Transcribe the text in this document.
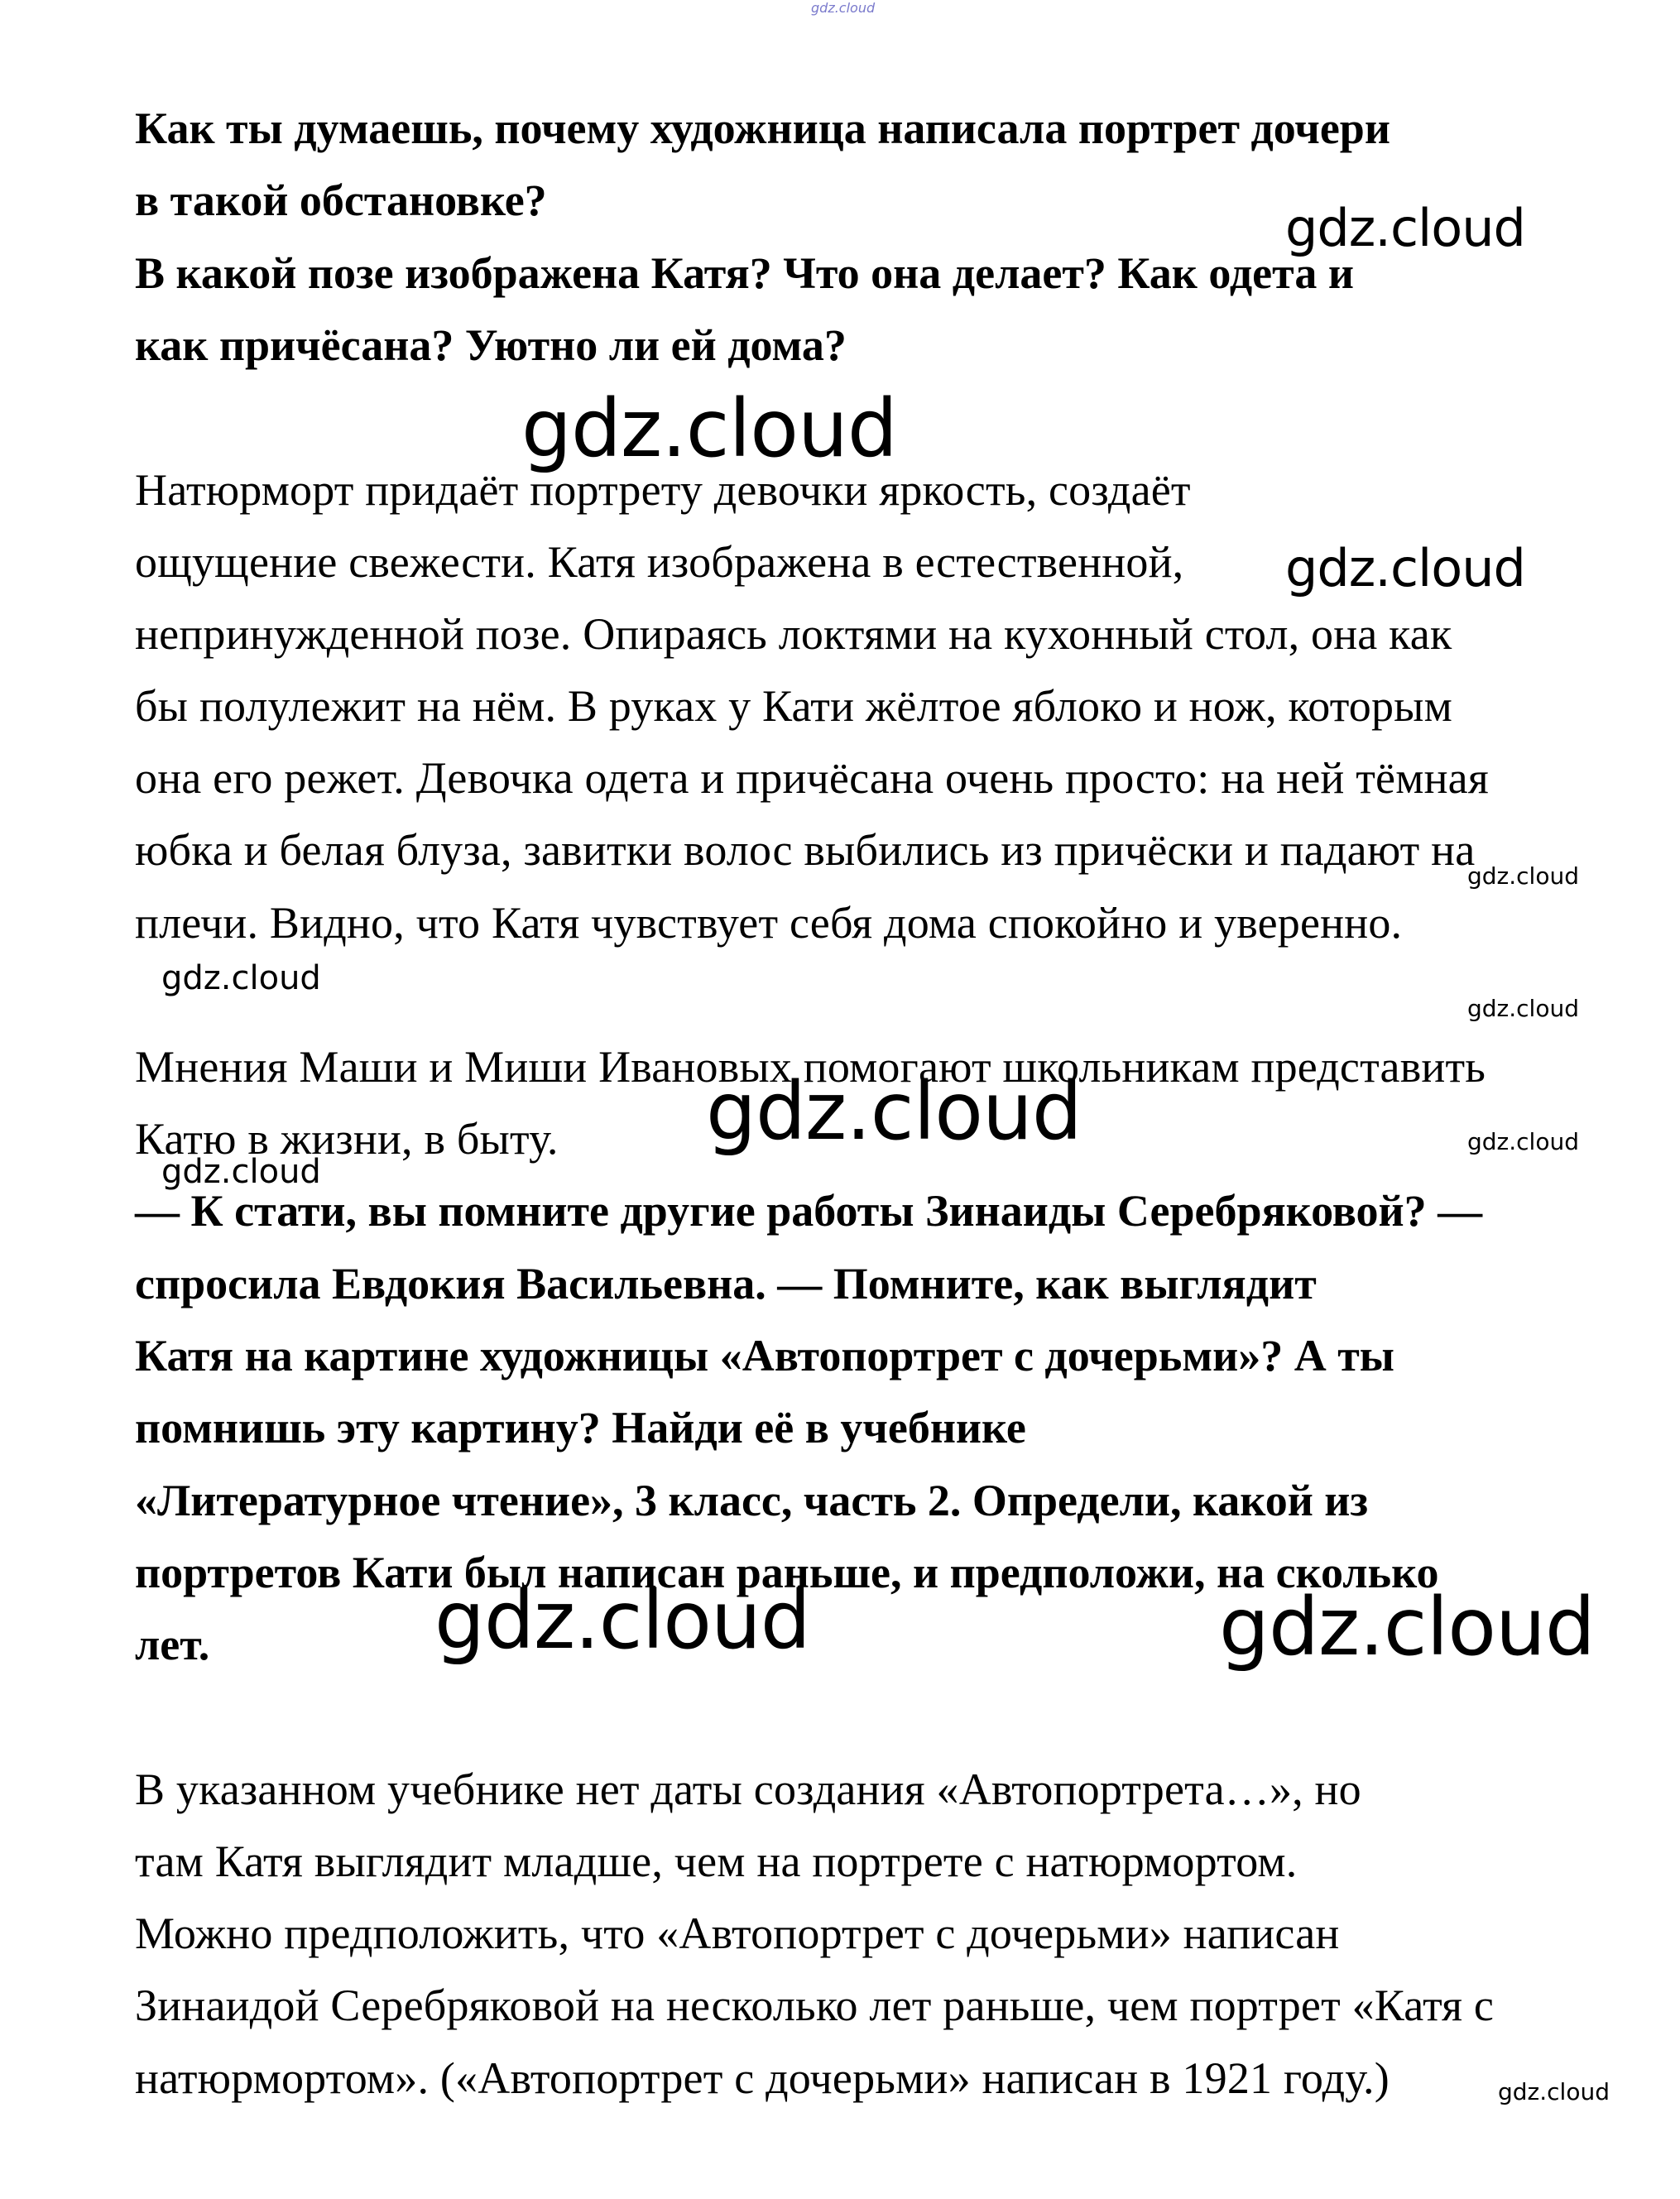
gdz.cloud

Как ты думаешь, почему художница написала портрет дочери

в такой обстановке?

В какой позе изображена Катя? Что она делает? Как одета и

как причёсана? Уютно ли ей дома?

Натюрморт придаёт портрету девочки яркость, создаёт

ощущение свежести. Катя изображена в естественной,

непринужденной позе. Опираясь локтями на кухонный стол, она как

бы полулежит на нём. В руках у Кати жёлтое яблоко и нож, которым

она его режет. Девочка одета и причёсана очень просто: на ней тёмная

юбка и белая блуза, завитки волос выбились из причёски и падают на

плечи. Видно, что Катя чувствует себя дома спокойно и уверенно.

Мнения Маши и Миши Ивановых помогают школьникам представить

Катю в жизни, в быту.

— К стати, вы помните другие работы Зинаиды Серебряковой? —

спросила Евдокия Васильевна. — Помните, как выглядит

Катя на картине художницы «Автопортрет с дочерьми»? А ты

помнишь эту картину? Найди её в учебнике

«Литературное чтение», 3 класс, часть 2. Определи, какой из

портретов Кати был написан раньше, и предположи, на сколько

лет.

В указанном учебнике нет даты создания «Автопортрета…», но

там Катя выглядит младше, чем на портрете с натюрмортом.

Можно предположить, что «Автопортрет с дочерьми» написан

Зинаидой Серебряковой на несколько лет раньше, чем портрет «Катя с

натюрмортом». («Автопортрет с дочерьми» написан в 1921 году.)

gdz.cloud

gdz.cloud

gdz.cloud

gdz.cloud

gdz.cloud

gdz.cloud

gdz.cloud	gdz.cloud

gdz.cloud

gdz.cloud	gdz.cloud

gdz.cloud
